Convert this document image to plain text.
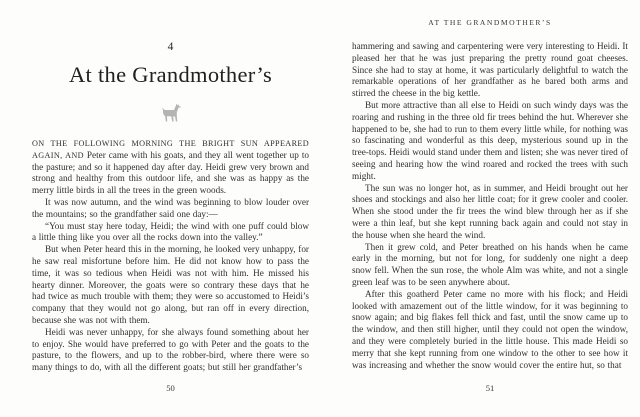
4
At the Grandmother’s

ON THE FOLLOWING MORNING THE BRIGHT SUN APPEARED AGAIN, AND Peter came with his goats, and they all went together up to the pasture; and so it happened day after day. Heidi grew very brown and strong and healthy from this outdoor life, and she was as happy as the merry little birds in all the trees in the green woods.

It was now autumn, and the wind was beginning to blow louder over the mountains; so the grandfather said one day:—

“You must stay here today, Heidi; the wind with one puff could blow a little thing like you over all the rocks down into the valley.”

But when Peter heard this in the morning, he looked very unhappy, for he saw real misfortune before him. He did not know how to pass the time, it was so tedious when Heidi was not with him. He missed his hearty dinner. Moreover, the goats were so contrary these days that he had twice as much trouble with them; they were so accustomed to Heidi’s company that they would not go along, but ran off in every direction, because she was not with them.

Heidi was never unhappy, for she always found something about her to enjoy. She would have preferred to go with Peter and the goats to the pasture, to the flowers, and up to the robber-bird, where there were so many things to do, with all the different goats; but still her grandfather’s

50
AT THE GRANDMOTHER’S

hammering and sawing and carpentering were very interesting to Heidi. It pleased her that he was just preparing the pretty round goat cheeses. Since she had to stay at home, it was particularly delightful to watch the remarkable operations of her grandfather as he bared both arms and stirred the cheese in the big kettle.

But more attractive than all else to Heidi on such windy days was the roaring and rushing in the three old fir trees behind the hut. Wherever she happened to be, she had to run to them every little while, for nothing was so fascinating and wonderful as this deep, mysterious sound up in the tree-tops. Heidi would stand under them and listen; she was never tired of seeing and hearing how the wind roared and rocked the trees with such might.

The sun was no longer hot, as in summer, and Heidi brought out her shoes and stockings and also her little coat; for it grew cooler and cooler. When she stood under the fir trees the wind blew through her as if she were a thin leaf, but she kept running back again and could not stay in the house when she heard the wind.

Then it grew cold, and Peter breathed on his hands when he came early in the morning, but not for long, for suddenly one night a deep snow fell. When the sun rose, the whole Alm was white, and not a single green leaf was to be seen anywhere about.

After this goatherd Peter came no more with his flock; and Heidi looked with amazement out of the little window, for it was beginning to snow again; and big flakes fell thick and fast, until the snow came up to the window, and then still higher, until they could not open the window, and they were completely buried in the little house. This made Heidi so merry that she kept running from one window to the other to see how it was increasing and whether the snow would cover the entire hut, so that

51
